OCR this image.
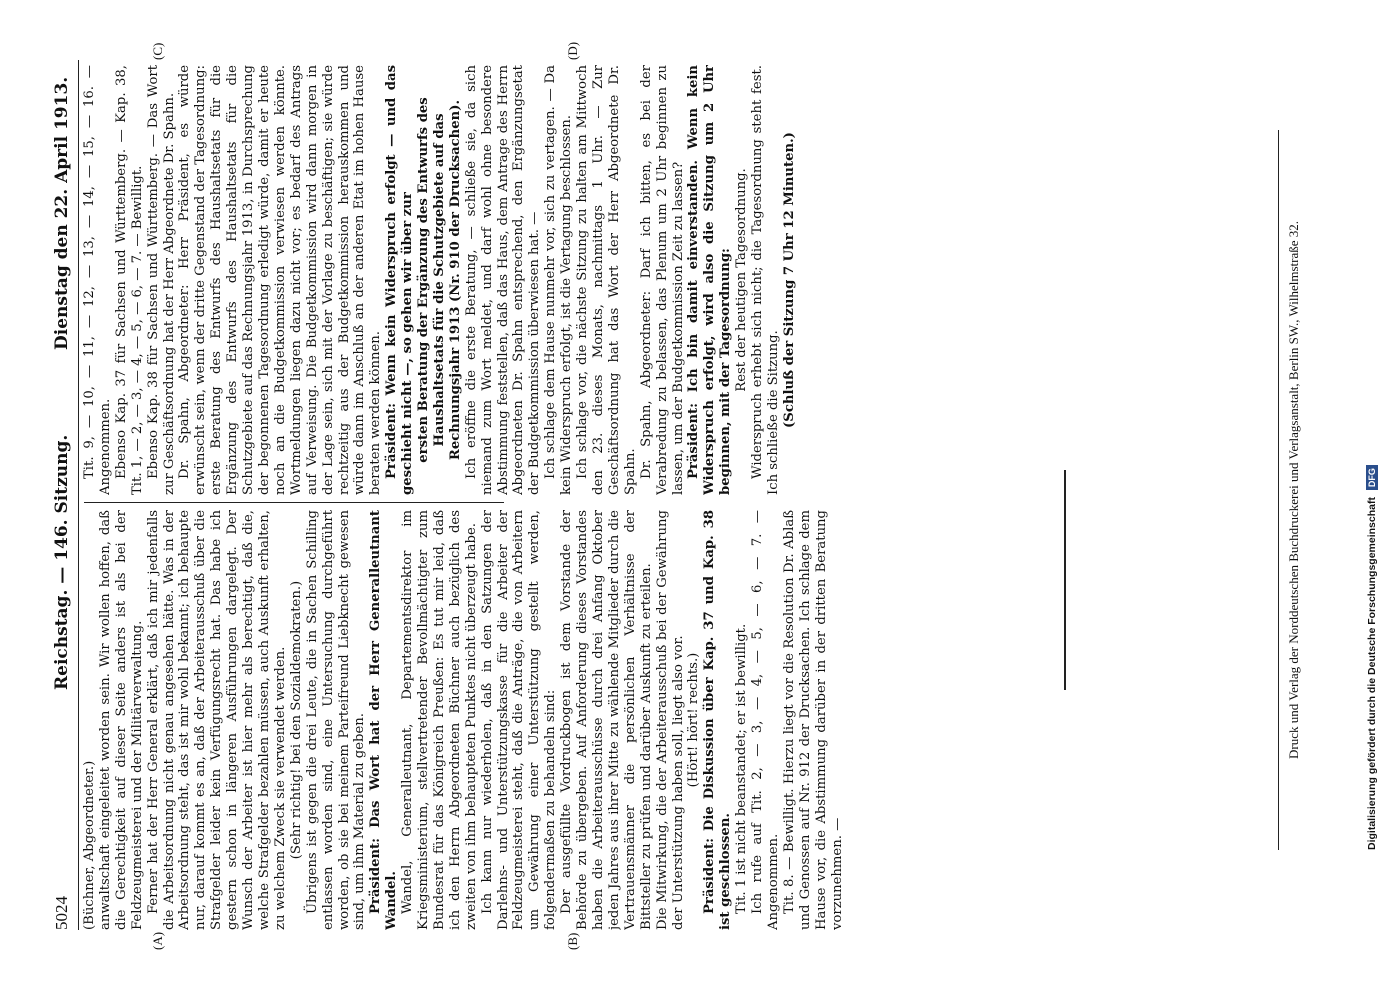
5024
Reichstag. — 146. Sitzung.
Dienstag den 22. April 1913.
(A)	(B)
(C)	(D)

(Büchner, Abgeordneter.) anwaltschaft eingeleitet worden sein. Wir wollen hoffen, daß die Gerechtigkeit auf dieser Seite anders ist als bei der Feldzeugmeisterei und der Militärverwaltung. Ferner hat der Herr General erklärt, daß ich mir jedenfalls die Arbeitsordnung nicht genau angesehen hätte. Was in der Arbeitsordnung steht, das ist mir wohl bekannt; ich behaupte nur, darauf kommt es an, daß der Arbeiterausschuß über die Strafgelder leider kein Verfügungsrecht hat. Das habe ich gestern schon in längeren Ausführungen dargelegt. Der Wunsch der Arbeiter ist hier mehr als berechtigt, daß die, welche Strafgelder bezahlen müssen, auch Auskunft erhalten, zu welchem Zweck sie verwendet werden. (Sehr richtig! bei den Sozialdemokraten.) Übrigens ist gegen die drei Leute, die in Sachen Schilling entlassen worden sind, eine Untersuchung durchgeführt worden, ob sie bei meinem Parteifreund Liebknecht gewesen sind, um ihm Material zu geben. Präsident: Das Wort hat der Herr Generalleutnant Wandel. Wandel, Generalleutnant, Departementsdirektor im Kriegsministerium, stellvertretender Bevollmächtigter zum Bundesrat für das Königreich Preußen: Es tut mir leid, daß ich den Herrn Abgeordneten Büchner auch bezüglich des zweiten von ihm behaupteten Punktes nicht überzeugt habe. Ich kann nur wiederholen, daß in den Satzungen der Darlehns- und Unterstützungskasse für die Arbeiter der Feldzeugmeisterei steht, daß die Anträge, die von Arbeitern um Gewährung einer Unterstützung gestellt werden, folgendermaßen zu behandeln sind: Der ausgefüllte Vordruckbogen ist dem Vorstande der Behörde zu übergeben. Auf Anforderung dieses Vorstandes haben die Arbeiterausschüsse durch drei Anfang Oktober jeden Jahres aus ihrer Mitte zu wählende Mitglieder durch die Vertrauensmänner die persönlichen Verhältnisse der Bittsteller zu prüfen und darüber Auskunft zu erteilen. Die Mitwirkung, die der Arbeiterausschuß bei der Gewährung der Unterstützung haben soll, liegt also vor. (Hört! hört! rechts.) Präsident: Die Diskussion über Kap. 37 und Kap. 38 ist geschlossen. Tit. 1 ist nicht beanstandet; er ist bewilligt. Ich rufe auf Tit. 2, — 3, — 4, — 5, — 6, — 7. — Angenommen. Tit. 8. — Bewilligt. Hierzu liegt vor die Resolution Dr. Ablaß und Genossen auf Nr. 912 der Drucksachen. Ich schlage dem Hause vor, die Abstimmung darüber in der dritten Beratung vorzunehmen. —

Tit. 9, — 10, — 11, — 12, — 13, — 14, — 15, — 16. — Angenommen. Ebenso Kap. 37 für Sachsen und Württemberg. — Kap. 38, Tit. 1, — 2, — 3, — 4, — 5, — 6, — 7. — Bewilligt. Ebenso Kap. 38 für Sachsen und Württemberg. — Das Wort zur Geschäftsordnung hat der Herr Abgeordnete Dr. Spahn. Dr. Spahn, Abgeordneter: Herr Präsident, es würde erwünscht sein, wenn der dritte Gegenstand der Tagesordnung: erste Beratung des Entwurfs des Haushaltsetats für die Ergänzung des Entwurfs des Haushaltsetats für die Schutzgebiete auf das Rechnungsjahr 1913, in Durchsprechung der begonnenen Tagesordnung erledigt würde, damit er heute noch an die Budgetkommission verwiesen werden könnte. Wortmeldungen liegen dazu nicht vor; es bedarf des Antrags auf Verweisung. Die Budgetkommission wird dann morgen in der Lage sein, sich mit der Vorlage zu beschäftigen; sie würde rechtzeitig aus der Budgetkommission herauskommen und würde dann im Anschluß an der anderen Etat im hohen Hause beraten werden können. Präsident: Wenn kein Widerspruch erfolgt — und das geschieht nicht —, so gehen wir über zur ersten Beratung der Ergänzung des Entwurfs des Haushaltsetats für die Schutzgebiete auf das Rechnungsjahr 1913 (Nr. 910 der Drucksachen). Ich eröffne die erste Beratung, — schließe sie, da sich niemand zum Wort meldet, und darf wohl ohne besondere Abstimmung feststellen, daß das Haus, dem Antrage des Herrn Abgeordneten Dr. Spahn entsprechend, den Ergänzungsetat der Budgetkommission überwiesen hat. — Ich schlage dem Hause nunmehr vor, sich zu vertagen. — Da kein Widerspruch erfolgt, ist die Vertagung beschlossen. Ich schlage vor, die nächste Sitzung zu halten am Mittwoch den 23. dieses Monats, nachmittags 1 Uhr. — Zur Geschäftsordnung hat das Wort der Herr Abgeordnete Dr. Spahn. Dr. Spahn, Abgeordneter: Darf ich bitten, es bei der Verabredung zu belassen, das Plenum um 2 Uhr beginnen zu lassen, um der Budgetkommission Zeit zu lassen? Präsident: Ich bin damit einverstanden. Wenn kein Widerspruch erfolgt, wird also die Sitzung um 2 Uhr beginnen, mit der Tagesordnung: Rest der heutigen Tagesordnung. Widerspruch erhebt sich nicht; die Tagesordnung steht fest. Ich schließe die Sitzung. (Schluß der Sitzung 7 Uhr 12 Minuten.)	Druck und Verlag der Norddeutschen Buchdruckerei und Verlagsanstalt, Berlin SW., Wilhelmstraße 32.	Digitalisierung gefördert durch die Deutsche Forschungsgemeinschaft DFG
